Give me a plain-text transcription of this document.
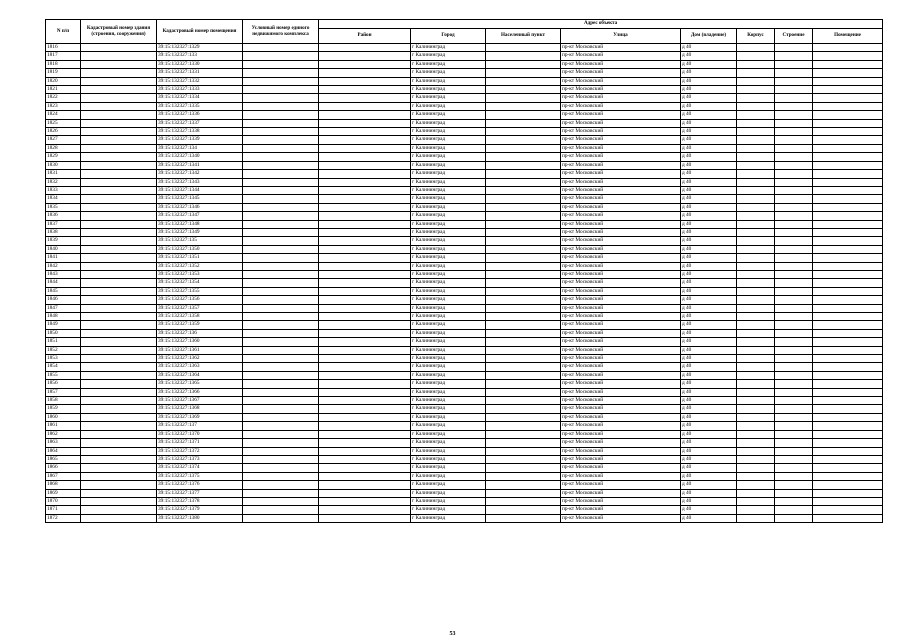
N п/п	Кадастровый номер здания (строения, сооружения)	Кадастровый номер помещения	Условный номер единого недвижимого комплекса	Адрес объекта							
				Район	Город	Населенный пункт	Улица	Дом (владение)	Корпус	Строение	Помещение
1816		39:15:132327:1329			г Калининград		пр-кт Московский	д 40			
1817		39:15:132327:133			г Калининград		пр-кт Московский	д 40			
1818		39:15:132327:1330			г Калининград		пр-кт Московский	д 40			
1819		39:15:132327:1331			г Калининград		пр-кт Московский	д 40			
1820		39:15:132327:1332			г Калининград		пр-кт Московский	д 40			
1821		39:15:132327:1333			г Калининград		пр-кт Московский	д 40			
1822		39:15:132327:1334			г Калининград		пр-кт Московский	д 40			
1823		39:15:132327:1335			г Калининград		пр-кт Московский	д 40			
1824		39:15:132327:1336			г Калининград		пр-кт Московский	д 40			
1825		39:15:132327:1337			г Калининград		пр-кт Московский	д 40			
1826		39:15:132327:1338			г Калининград		пр-кт Московский	д 40			
1827		39:15:132327:1339			г Калининград		пр-кт Московский	д 40			
1828		39:15:132327:134			г Калининград		пр-кт Московский	д 40			
1829		39:15:132327:1340			г Калининград		пр-кт Московский	д 40			
1830		39:15:132327:1341			г Калининград		пр-кт Московский	д 40			
1831		39:15:132327:1342			г Калининград		пр-кт Московский	д 40			
1832		39:15:132327:1343			г Калининград		пр-кт Московский	д 40			
1833		39:15:132327:1344			г Калининград		пр-кт Московский	д 40			
1834		39:15:132327:1345			г Калининград		пр-кт Московский	д 40			
1835		39:15:132327:1346			г Калининград		пр-кт Московский	д 40			
1836		39:15:132327:1347			г Калининград		пр-кт Московский	д 40			
1837		39:15:132327:1348			г Калининград		пр-кт Московский	д 40			
1838		39:15:132327:1349			г Калининград		пр-кт Московский	д 40			
1839		39:15:132327:135			г Калининград		пр-кт Московский	д 40			
1840		39:15:132327:1350			г Калининград		пр-кт Московский	д 40			
1841		39:15:132327:1351			г Калининград		пр-кт Московский	д 40			
1842		39:15:132327:1352			г Калининград		пр-кт Московский	д 40			
1843		39:15:132327:1353			г Калининград		пр-кт Московский	д 40			
1844		39:15:132327:1354			г Калининград		пр-кт Московский	д 40			
1845		39:15:132327:1355			г Калининград		пр-кт Московский	д 40			
1846		39:15:132327:1356			г Калининград		пр-кт Московский	д 40			
1847		39:15:132327:1357			г Калининград		пр-кт Московский	д 40			
1848		39:15:132327:1358			г Калининград		пр-кт Московский	д 40			
1849		39:15:132327:1359			г Калининград		пр-кт Московский	д 40			
1850		39:15:132327:136			г Калининград		пр-кт Московский	д 40			
1851		39:15:132327:1360			г Калининград		пр-кт Московский	д 40			
1852		39:15:132327:1361			г Калининград		пр-кт Московский	д 40			
1853		39:15:132327:1362			г Калининград		пр-кт Московский	д 40			
1854		39:15:132327:1363			г Калининград		пр-кт Московский	д 40			
1855		39:15:132327:1364			г Калининград		пр-кт Московский	д 40			
1856		39:15:132327:1365			г Калининград		пр-кт Московский	д 40			
1857		39:15:132327:1366			г Калининград		пр-кт Московский	д 40			
1858		39:15:132327:1367			г Калининград		пр-кт Московский	д 40			
1859		39:15:132327:1368			г Калининград		пр-кт Московский	д 40			
1860		39:15:132327:1369			г Калининград		пр-кт Московский	д 40			
1861		39:15:132327:137			г Калининград		пр-кт Московский	д 40			
1862		39:15:132327:1370			г Калининград		пр-кт Московский	д 40			
1863		39:15:132327:1371			г Калининград		пр-кт Московский	д 40			
1864		39:15:132327:1372			г Калининград		пр-кт Московский	д 40			
1865		39:15:132327:1373			г Калининград		пр-кт Московский	д 40			
1866		39:15:132327:1374			г Калининград		пр-кт Московский	д 40			
1867		39:15:132327:1375			г Калининград		пр-кт Московский	д 40			
1868		39:15:132327:1376			г Калининград		пр-кт Московский	д 40			
1869		39:15:132327:1377			г Калининград		пр-кт Московский	д 40			
1870		39:15:132327:1378			г Калининград		пр-кт Московский	д 40			
1871		39:15:132327:1379			г Калининград		пр-кт Московский	д 40			
1872		39:15:132327:1380			г Калининград		пр-кт Московский	д 40			
53
